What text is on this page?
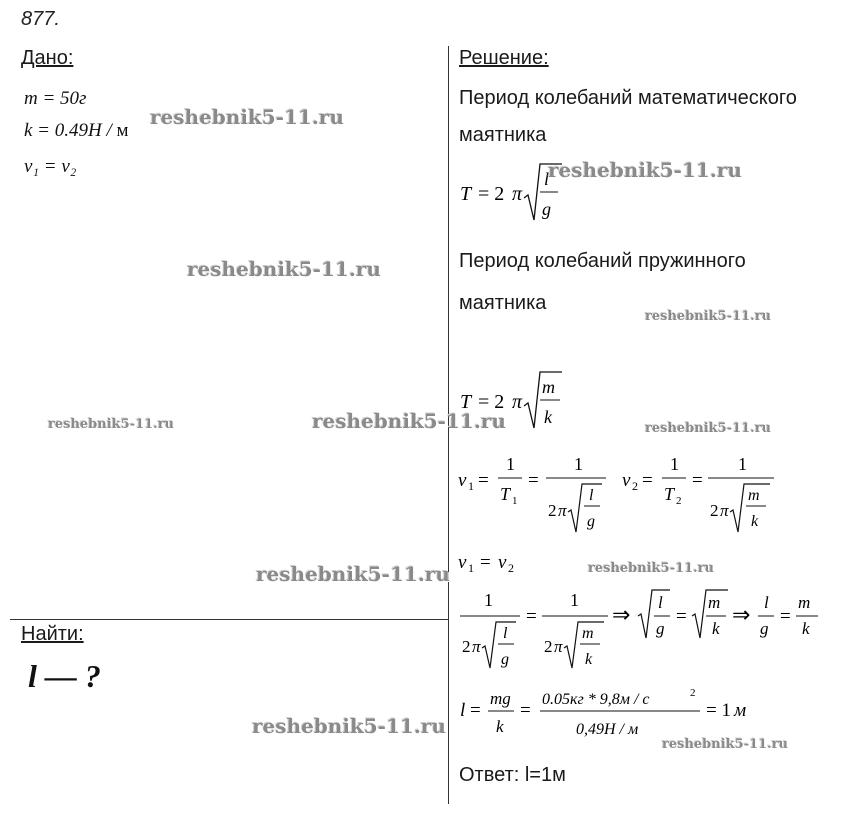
877.
Дано:
m = 50г
k = 0.49H / м
ν₁ = ν₂
Найти:
l — ?
Решение:
Период колебаний математического
маятника
T = 2 π
l
g
Период колебаний пружинного
маятника
T = 2 π
m
k
ν 1 =
1
T 1
=
1
2 π
l
g
ν 2 =
1
T 2
=
1
2 π
m
k
ν 1 = ν 2
1
2 π
l
g
=
1
2 π
m
k
⇒ l
g
=
m
k
⇒ l
g
=
m
k
l =
mg
k
=
0.05кг * 9,8м / с	2
0,49Н / м
= 1 м
Ответ: l=1м
reshebnik5-11.ru
reshebnik5-11.ru
reshebnik5-11.ru
reshebnik5-11.ru
reshebnik5-11.ru
reshebnik5-11.ru	reshebnik5-11.ru
reshebnik5-11.ru
reshebnik5-11.ru
reshebnik5-11.ru
reshebnik5-11.ru
